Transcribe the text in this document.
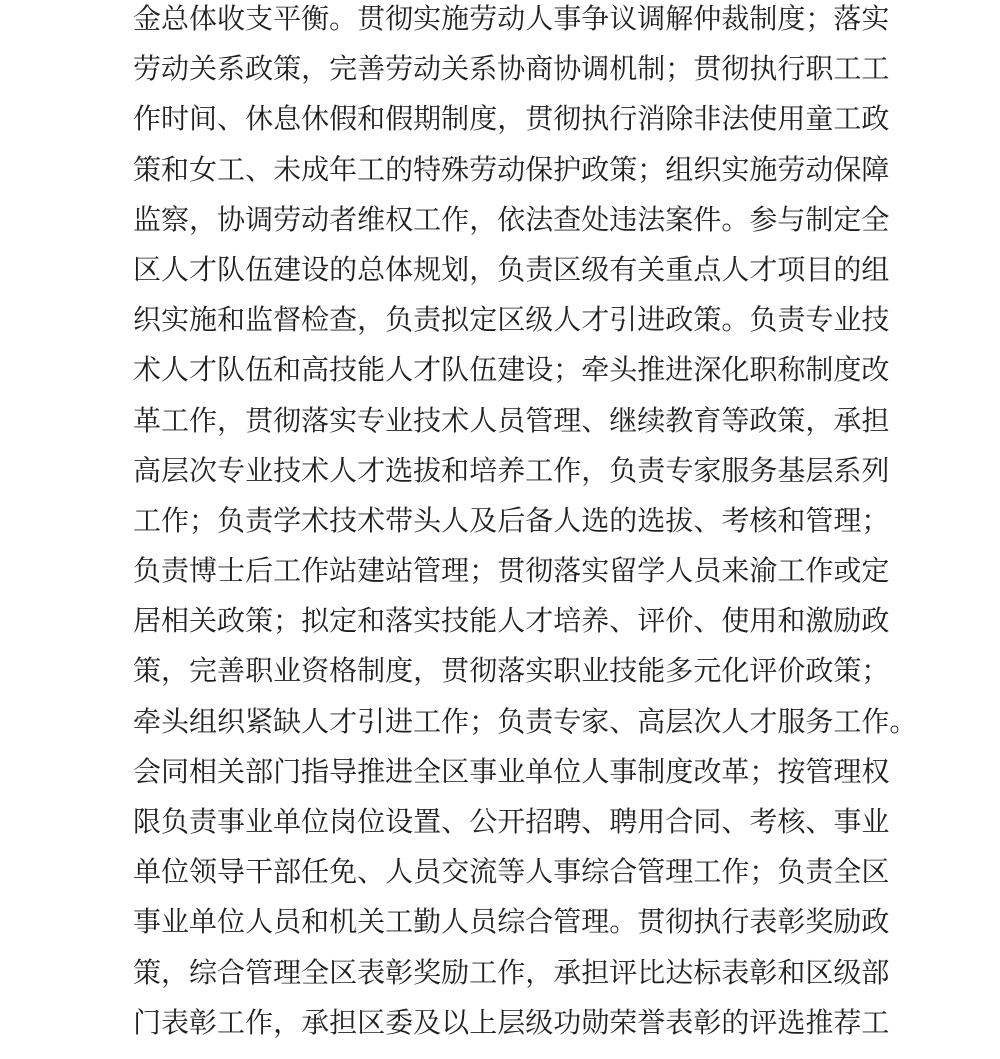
金 总 体 收 支 平 衡 。 贯 彻 实 施 劳 动 人 事 争 议 调 解 仲 裁 制 度 ； 落 实
劳 动 关 系 政 策 ， 完 善 劳 动 关 系 协 商 协 调 机 制 ； 贯 彻 执 行 职 工 工
作 时 间 、 休 息 休 假 和 假 期 制 度 ， 贯 彻 执 行 消 除 非 法 使 用 童 工 政
策 和 女 工 、 未 成 年 工 的 特 殊 劳 动 保 护 政 策 ； 组 织 实 施 劳 动 保 障
监 察 ， 协 调 劳 动 者 维 权 工 作 ， 依 法 查 处 违 法 案 件 。 参 与 制 定 全
区 人 才 队 伍 建 设 的 总 体 规 划 ， 负 责 区 级 有 关 重 点 人 才 项 目 的 组
织 实 施 和 监 督 检 查 ， 负 责 拟 定 区 级 人 才 引 进 政 策 。 负 责 专 业 技
术 人 才 队 伍 和 高 技 能 人 才 队 伍 建 设 ； 牵 头 推 进 深 化 职 称 制 度 改
革 工 作 ， 贯 彻 落 实 专 业 技 术 人 员 管 理 、 继 续 教 育 等 政 策 ， 承 担
高 层 次 专 业 技 术 人 才 选 拔 和 培 养 工 作 ， 负 责 专 家 服 务 基 层 系 列
工 作 ； 负 责 学 术 技 术 带 头 人 及 后 备 人 选 的 选 拔 、 考 核 和 管 理 ；
负 责 博 士 后 工 作 站 建 站 管 理 ； 贯 彻 落 实 留 学 人 员 来 渝 工 作 或 定
居 相 关 政 策 ； 拟 定 和 落 实 技 能 人 才 培 养 、 评 价 、 使 用 和 激 励 政
策 ， 完 善 职 业 资 格 制 度 ， 贯 彻 落 实 职 业 技 能 多 元 化 评 价 政 策 ；
牵 头 组 织 紧 缺 人 才 引 进 工 作 ； 负 责 专 家 、 高 层 次 人 才 服 务 工 作 。
会 同 相 关 部 门 指 导 推 进 全 区 事 业 单 位 人 事 制 度 改 革 ； 按 管 理 权
限 负 责 事 业 单 位 岗 位 设 置 、 公 开 招 聘 、 聘 用 合 同 、 考 核 、 事 业
单 位 领 导 干 部 任 免 、 人 员 交 流 等 人 事 综 合 管 理 工 作 ； 负 责 全 区
事 业 单 位 人 员 和 机 关 工 勤 人 员 综 合 管 理 。 贯 彻 执 行 表 彰 奖 励 政
策 ， 综 合 管 理 全 区 表 彰 奖 励 工 作 ， 承 担 评 比 达 标 表 彰 和 区 级 部
门 表 彰 工 作 ， 承 担 区 委 及 以 上 层 级 功 勋 荣 誉 表 彰 的 评 选 推 荐 工
